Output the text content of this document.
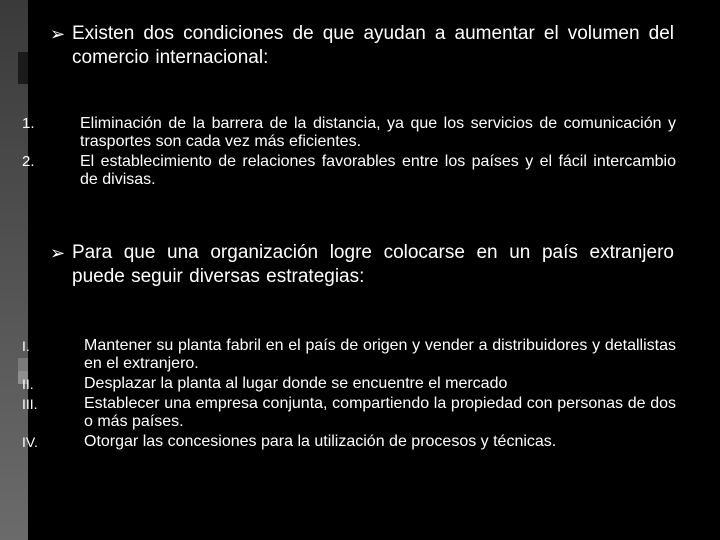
➢ Existen dos condiciones de que ayudan a aumentar el volumen del comercio internacional:
1.	Eliminación de la barrera de la distancia, ya que los servicios de comunicación y trasportes son cada vez más eficientes.
2.	El establecimiento de relaciones favorables entre los países y el fácil intercambio de divisas.
➢ Para que una organización logre colocarse en un país extranjero puede seguir diversas estrategias:
I.	Mantener su planta fabril en el país de origen y vender a distribuidores y detallistas en el extranjero.
II.	Desplazar la planta al lugar donde se encuentre el mercado
III.	Establecer una empresa conjunta, compartiendo la propiedad con personas de dos o más países.
IV.	Otorgar las concesiones para la utilización de procesos y técnicas.
